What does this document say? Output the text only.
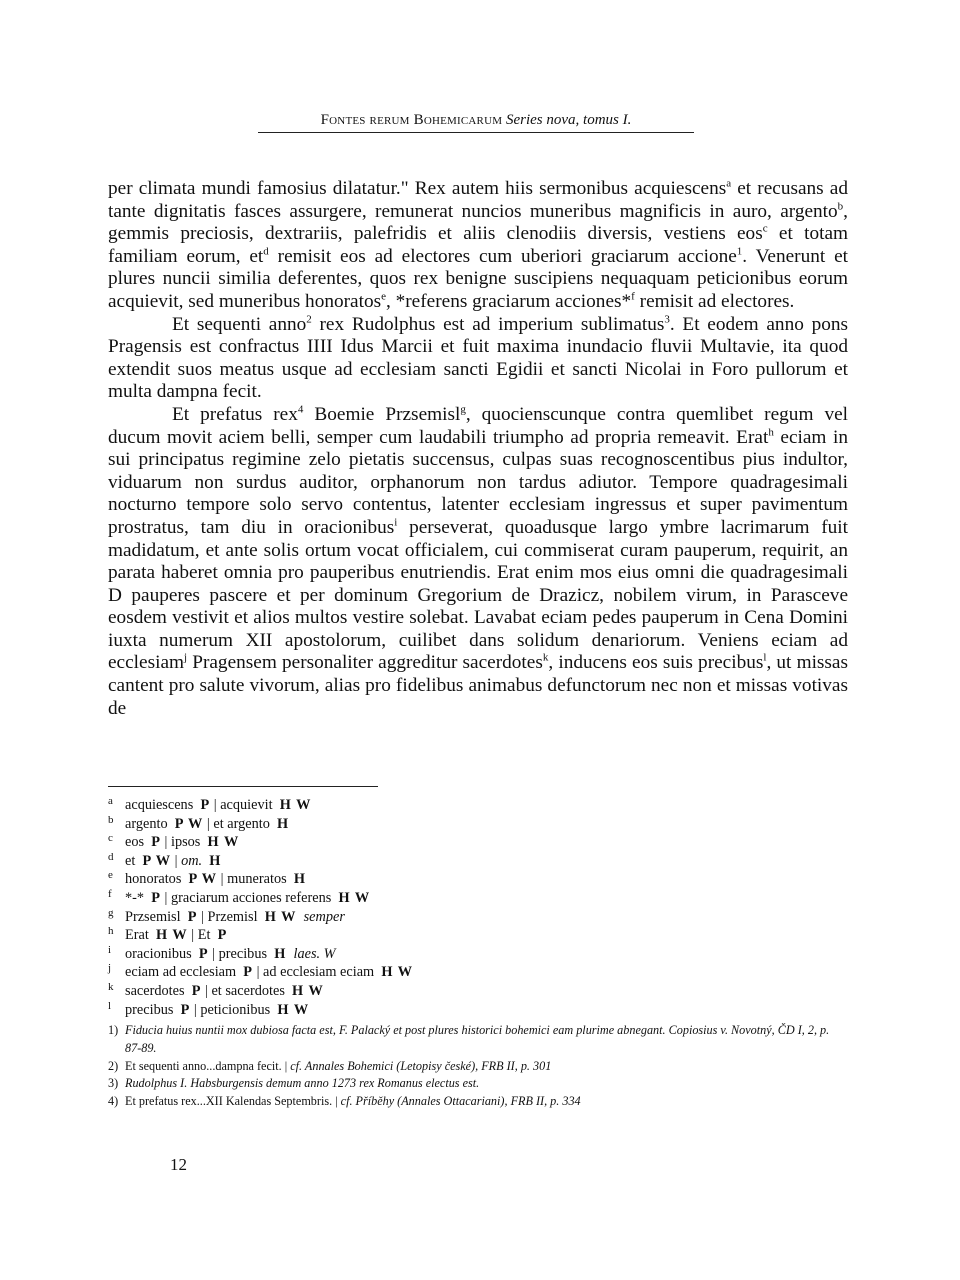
Fontes rerum Bohemicarum Series nova, tomus I.

per climata mundi famosius dilatatur." Rex autem hiis sermonibus acquiescens$^a$ et recusans ad tante dignitatis fasces assurgere, remunerat nuncios muneribus magnificis in auro, argento$^b$, gemmis preciosis, dextrariis, palefridis et aliis clenodiis diversis, vestiens eos$^c$ et totam familiam eorum, $et^d$ remisit eos ad electores cum uberiori graciarum accione$^1$. Venerunt et plures nuncii similia deferentes, quos rex benigne suscipiens nequaquam peticionibus eorum acquievit, sed muneribus honoratos$^e$, *referens graciarum acciones*$^f$ remisit ad electores.

Et sequenti anno$^2$ rex Rudolphus est ad imperium sublimatus$^3$. Et eodem anno pons Pragensis est confractus IIII Idus Marcii et fuit maxima inundacio fluvii Multavie, ita quod extendit suos meatus usque ad ecclesiam sancti Egidii et sancti Nicolai in Foro pullorum et multa dampna fecit.

Et prefatus rex$^4$ Boemie Przsemisl$^g$, quocienscunque contra quemlibet regum vel ducum movit aciem belli, semper cum laudabili triumpho ad propria remeavit. Erat$^h$ eciam in sui principatus regimine zelo pietatis succensus, culpas suas recognoscentibus pius indultor, viduarum non surdus auditor, orphanorum non tardus adiutor. Tempore quadragesimali nocturno tempore solo servo contentus, latenter ecclesiam ingressus et super pavimentum prostratus, tam diu in oracionibus$^i$ perseverat, quoadusque largo ymbre lacrimarum fuit madidatum, et ante solis ortum vocat officialem, cui commiserat curam pauperum, requirit, an parata haberet omnia pro pauperibus enutriendis. Erat enim mos eius omni die quadragesimali D pauperes pascere et per dominum Gregorium de Drazicz, nobilem virum, in Parasceve eosdem vestivit et alios multos vestire solebat. Lavabat eciam pedes pauperum in Cena Domini iuxta numerum XII apostolorum, cuilibet dans solidum denariorum. Veniens eciam ad ecclesiam$^j$ Pragensem personaliter aggreditur sacerdotes$^k$, inducens eos suis precibus$^l$, ut missas cantent pro salute vivorum, alias pro fidelibus animabus defunctorum nec non et missas votivas de

a acquiescens P | acquievit H W
b argento P W | et argento H
c eos P | ipsos H W
d et P W | om. H
e honoratos P W | muneratos H
f *-* P | graciarum acciones referens H W
g Przsemisl P | Przemisl H W semper
h Erat H W | Et P
i oracionibus P | precibus H laes. W
j eciam ad ecclesiam P | ad ecclesiam eciam H W
k sacerdotes P | et sacerdotes H W
l precibus P | peticionibus H W
1) Fiducia huius nuntii mox dubiosa facta est, F. Palacký et post plures historici bohemici eam plurime abnegant. Copiosius v. Novotný, ČD I, 2, p. 87-89.
2) Et sequenti anno...dampna fecit. | cf. Annales Bohemici (Letopisy české), FRB II, p. 301
3) Rudolphus I. Habsburgensis demum anno 1273 rex Romanus electus est.
4) Et prefatus rex...XII Kalendas Septembris. | cf. Příběhy (Annales Ottacariani), FRB II, p. 334
12
